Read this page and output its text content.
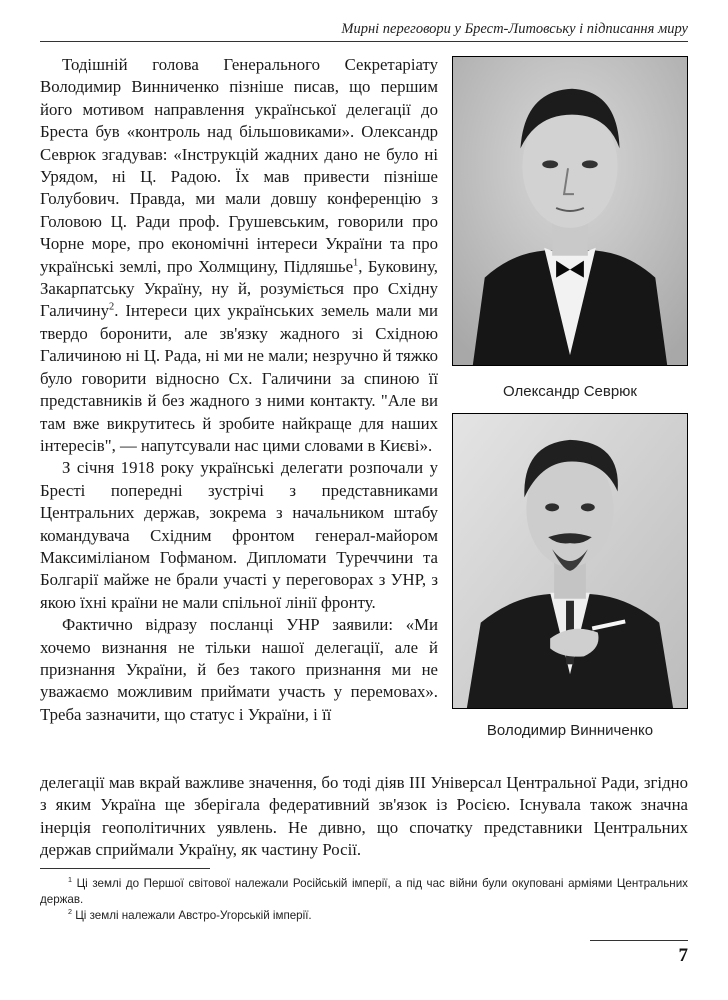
Мирні переговори у Брест-Литовську і підписання миру

Тодішній голова Генерального Секретаріату Володимир Винниченко пізніше писав, що першим його мотивом направлення української делегації до Бреста був «контроль над більшовиками». Олександр Севрюк згадував: «Інструкцій жадних дано не було ні Урядом, ні Ц. Радою. Їх мав привести пізніше Голубович. Правда, ми мали довшу конференцію з Головою Ц. Ради проф. Грушевським, говорили про Чорне море, про економічні інтереси України та про українські землі, про Холмщину, Підляшье$^1$, Буковину, Закарпатську Україну, ну й, розуміється про Східну Галичину$^2$. Інтереси цих українських земель мали ми твердо боронити, але зв'язку жадного зі Східною Галичиною ні Ц. Рада, ні ми не мали; незручно й тяжко було говорити відносно Сх. Галичини за спиною її представників й без жадного з ними контакту. "Але ви там вже викрутитесь й зробите найкраще для наших інтересів", — напутсували нас цими словами в Києві».

З січня 1918 року українські делегати розпочали у Бресті попередні зустрічі з представниками Центральних держав, зокрема з начальником штабу командувача Східним фронтом генерал-майором Максиміліаном Гофманом. Дипломати Туреччини та Болгарії майже не брали участі у переговорах з УНР, з якою їхні країни не мали спільної лінії фронту.

Фактично відразу посланці УНР заявили: «Ми хочемо визнання не тільки нашої делегації, але й признання України, й без такого признання ми не уважаємо можливим приймати участь у перемовах». Треба зазначити, що статус і України, і її

делегації мав вкрай важливе значення, бо тоді діяв III Універсал Центральної Ради, згідно з яким Україна ще зберігала федеративний зв'язок із Росією. Існувала також значна інерція геополітичних уявлень. Не дивно, що спочатку представники Центральних держав сприймали Україну, як частину Росії.

Олександр Севрюк
Володимир Винниченко

$^1$ Ці землі до Першої світової належали Російській імперії, а під час війни були окуповані арміями Центральних держав.

$^2$ Ці землі належали Австро-Угорській імперії.

7
